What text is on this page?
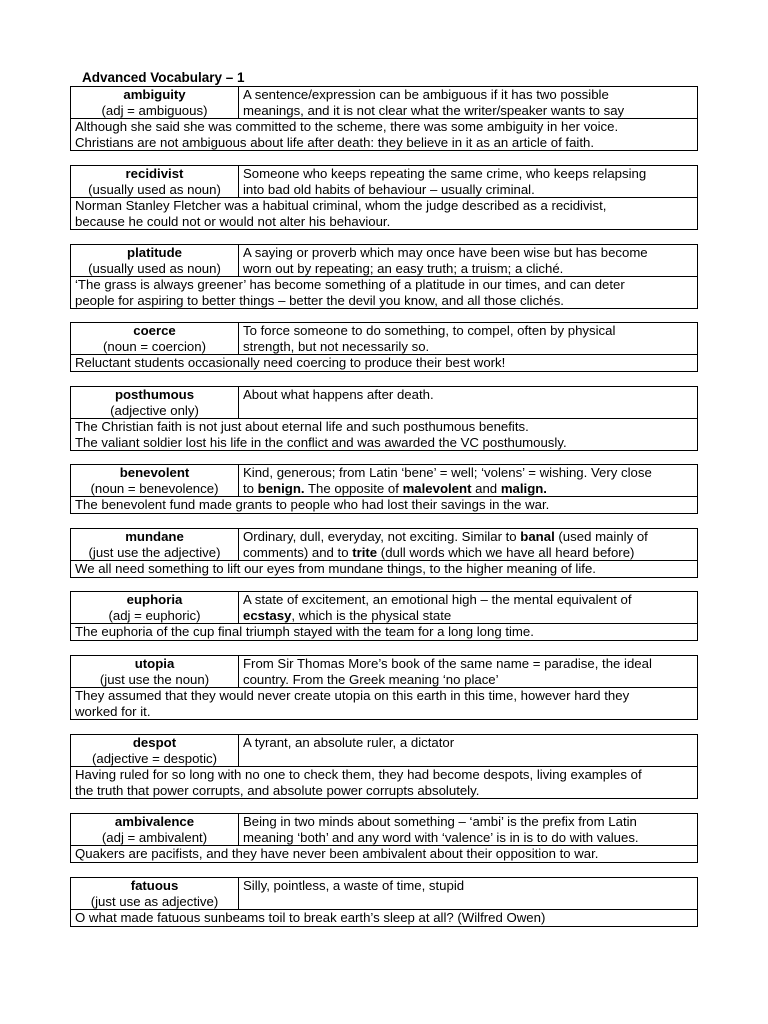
Advanced Vocabulary – 1
ambiguity
(adj = ambiguous)
A sentence/expression can be ambiguous if it has two possible
meanings, and it is not clear what the writer/speaker wants to say
Although she said she was committed to the scheme, there was some ambiguity in her voice.
Christians are not ambiguous about life after death: they believe in it as an article of faith.
recidivist
(usually used as noun)
Someone who keeps repeating the same crime, who keeps relapsing
into bad old habits of behaviour – usually criminal.
Norman Stanley Fletcher was a habitual criminal, whom the judge described as a recidivist,
because he could not or would not alter his behaviour.
platitude
(usually used as noun)
A saying or proverb which may once have been wise but has become
worn out by repeating; an easy truth; a truism; a cliché.
‘The grass is always greener’ has become something of a platitude in our times, and can deter
people for aspiring to better things – better the devil you know, and all those clichés.
coerce
(noun = coercion)
To force someone to do something, to compel, often by physical
strength, but not necessarily so.
Reluctant students occasionally need coercing to produce their best work!
posthumous
(adjective only)
About what happens after death.
The Christian faith is not just about eternal life and such posthumous benefits.
The valiant soldier lost his life in the conflict and was awarded the VC posthumously.
benevolent
(noun = benevolence)
Kind, generous; from Latin ‘bene’ = well; ‘volens’ = wishing. Very close
to benign. The opposite of malevolent and malign.
The benevolent fund made grants to people who had lost their savings in the war.
mundane
(just use the adjective)
Ordinary, dull, everyday, not exciting. Similar to banal (used mainly of
comments) and to trite (dull words which we have all heard before)
We all need something to lift our eyes from mundane things, to the higher meaning of life.
euphoria
(adj = euphoric)
A state of excitement, an emotional high – the mental equivalent of
ecstasy, which is the physical state
The euphoria of the cup final triumph stayed with the team for a long long time.
utopia
(just use the noun)
From Sir Thomas More’s book of the same name = paradise, the ideal
country. From the Greek meaning ‘no place’
They assumed that they would never create utopia on this earth in this time, however hard they
worked for it.
despot
(adjective = despotic)
A tyrant, an absolute ruler, a dictator
Having ruled for so long with no one to check them, they had become despots, living examples of
the truth that power corrupts, and absolute power corrupts absolutely.
ambivalence
(adj = ambivalent)
Being in two minds about something – ‘ambi’ is the prefix from Latin
meaning ‘both’ and any word with ‘valence’ is in is to do with values.
Quakers are pacifists, and they have never been ambivalent about their opposition to war.
fatuous
(just use as adjective)
Silly, pointless, a waste of time, stupid
O what made fatuous sunbeams toil to break earth’s sleep at all? (Wilfred Owen)
